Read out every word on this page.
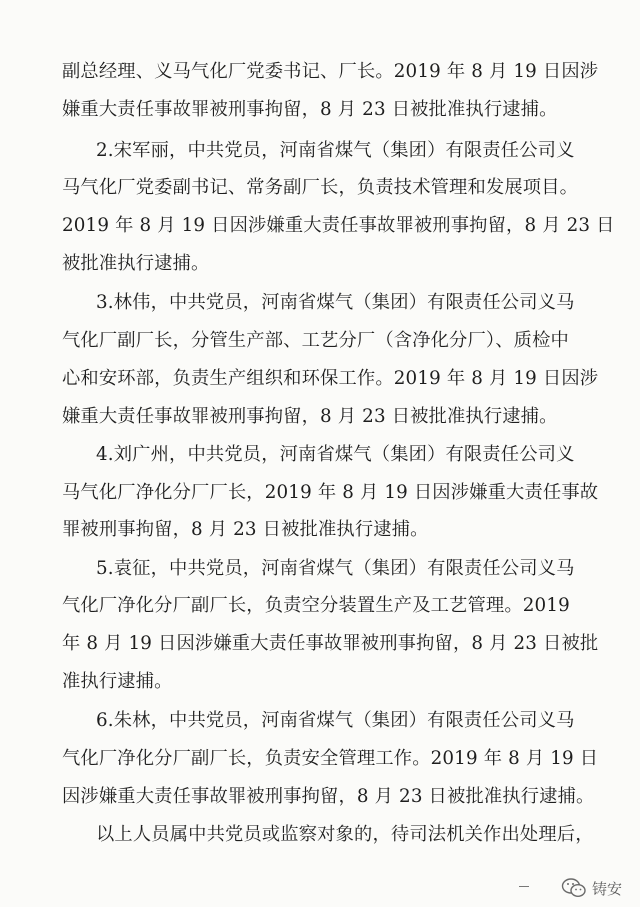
副总经理、义马气化厂党委书记、厂长。2019 年 8 月 19 日因涉
嫌重大责任事故罪被刑事拘留，8 月 23 日被批准执行逮捕。
2.宋军丽，中共党员，河南省煤气（集团）有限责任公司义
马气化厂党委副书记、常务副厂长，负责技术管理和发展项目。
2019 年 8 月 19 日因涉嫌重大责任事故罪被刑事拘留，8 月 23 日
被批准执行逮捕。
3.林伟，中共党员，河南省煤气（集团）有限责任公司义马
气化厂副厂长，分管生产部、工艺分厂（含净化分厂）、质检中
心和安环部，负责生产组织和环保工作。2019 年 8 月 19 日因涉
嫌重大责任事故罪被刑事拘留，8 月 23 日被批准执行逮捕。
4.刘广州，中共党员，河南省煤气（集团）有限责任公司义
马气化厂净化分厂厂长，2019 年 8 月 19 日因涉嫌重大责任事故
罪被刑事拘留，8 月 23 日被批准执行逮捕。
5.袁征，中共党员，河南省煤气（集团）有限责任公司义马
气化厂净化分厂副厂长，负责空分装置生产及工艺管理。2019
年 8 月 19 日因涉嫌重大责任事故罪被刑事拘留，8 月 23 日被批
准执行逮捕。
6.朱林，中共党员，河南省煤气（集团）有限责任公司义马
气化厂净化分厂副厂长，负责安全管理工作。2019 年 8 月 19 日
因涉嫌重大责任事故罪被刑事拘留，8 月 23 日被批准执行逮捕。
以上人员属中共党员或监察对象的，待司法机关作出处理后，
铸安
